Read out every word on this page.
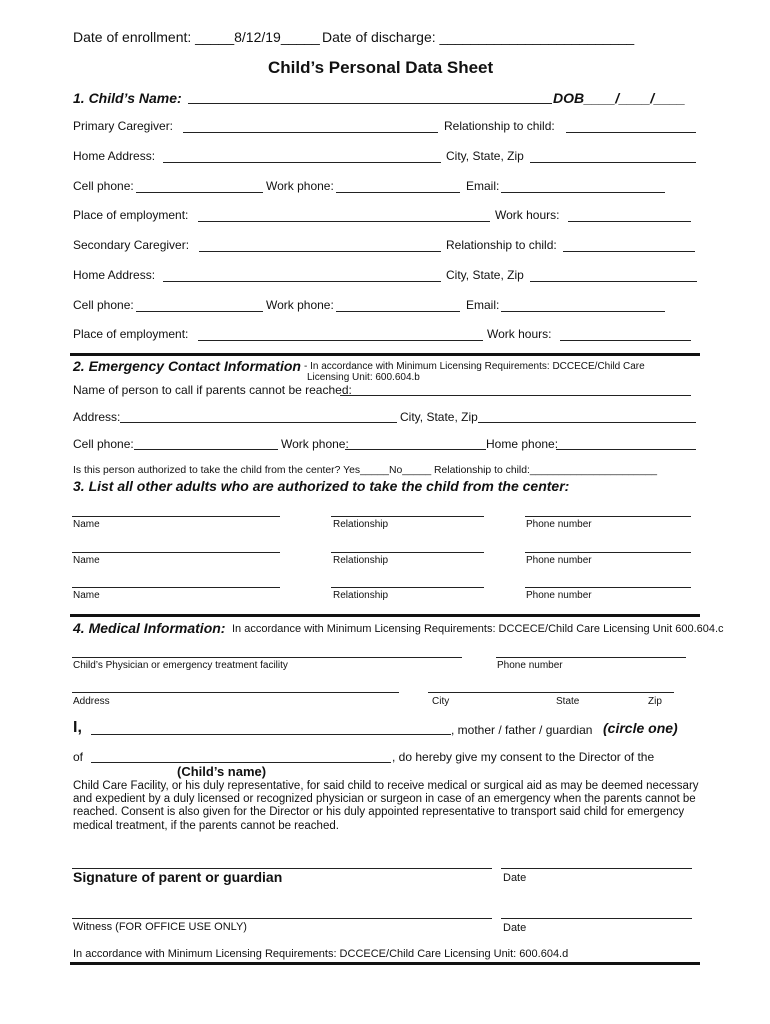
Date of enrollment: _____8/12/19_____ Date of discharge: _________________________
Child’s Personal Data Sheet
1. Child’s Name:	DOB____/____/____
Primary Caregiver:	Relationship to child:
Home Address:	City, State, Zip
Cell phone:	Work phone:	Email:
Place of employment:	Work hours:
Secondary Caregiver:	Relationship to child:
Home Address:	City, State, Zip
Cell phone:	Work phone:	Email:
Place of employment:	Work hours:
2. Emergency Contact Information - In accordance with Minimum Licensing Requirements: DCCECE/Child Care
Licensing Unit: 600.604.b
Name of person to call if parents cannot be reached:
Address:	City, State, Zip
Cell phone:	Work phone:	Home phone:
Is this person authorized to take the child from the center? Yes_____No_____ Relationship to child:______________________
3. List all other adults who are authorized to take the child from the center:
Name	Relationship	Phone number
Name	Relationship	Phone number
Name	Relationship	Phone number
4. Medical Information: In accordance with Minimum Licensing Requirements: DCCECE/Child Care Licensing Unit 600.604.c
Child’s Physician or emergency treatment facility	Phone number
Address	City	State	Zip
I,	, mother / father / guardian (circle one)
of	, do hereby give my consent to the Director of the
(Child’s name)
Child Care Facility, or his duly representative, for said child to receive medical or surgical aid as may be deemed necessary and expedient by a duly licensed or recognized physician or surgeon in case of an emergency when the parents cannot be reached. Consent is also given for the Director or his duly appointed representative to transport said child for emergency medical treatment, if the parents cannot be reached.
Signature of parent or guardian	Date
Witness (FOR OFFICE USE ONLY)	Date
In accordance with Minimum Licensing Requirements: DCCECE/Child Care Licensing Unit: 600.604.d
